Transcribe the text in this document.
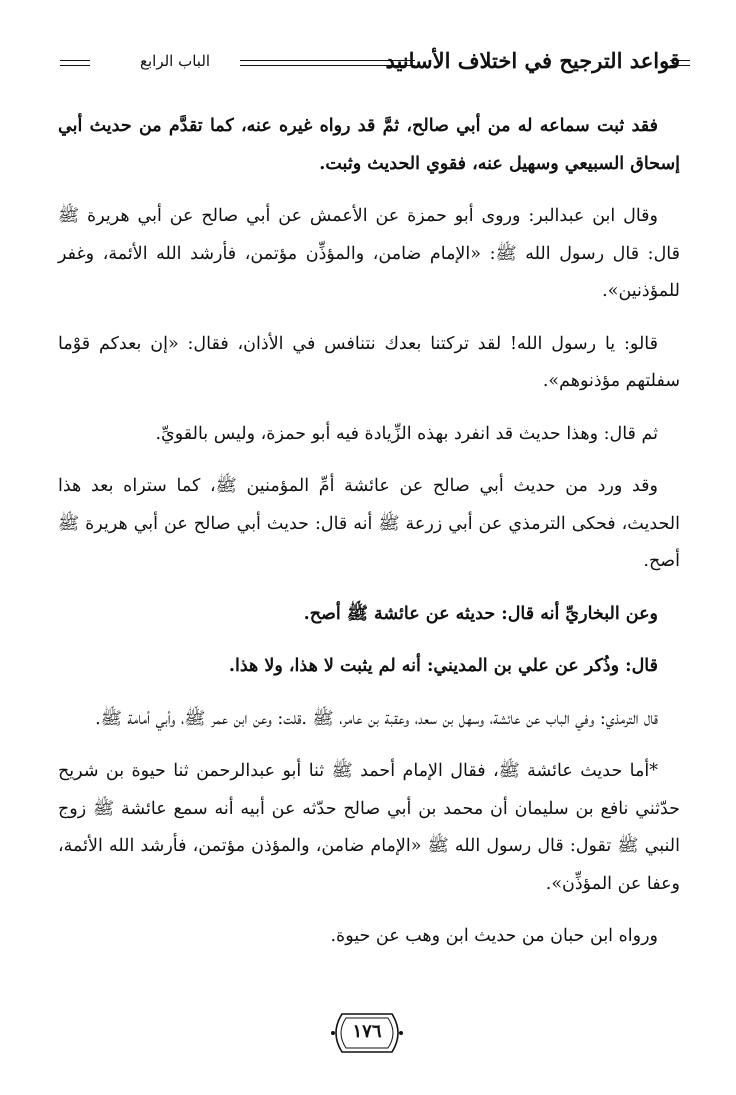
قواعد الترجيح في اختلاف الأسانيد
الباب الرابع

فقد ثبت سماعه له من أبي صالح، ثمَّ قد رواه غيره عنه، كما تقدَّم من حديث أبي إسحاق السبيعي وسهيل عنه، فقوي الحديث وثبت.

وقال ابن عبدالبر: وروى أبو حمزة عن الأعمش عن أبي صالح عن أبي هريرة ﷺ قال: قال رسول الله ﷺ: «الإمام ضامن، والمؤذِّن مؤتمن، فأرشد الله الأئمة، وغفر للمؤذنين».

قالو: يا رسول الله! لقد تركتنا بعدك نتنافس في الأذان، فقال: «إن بعدكم قوْما سفلتهم مؤذنوهم».

ثم قال: وهذا حديث قد انفرد بهذه الزِّيادة فيه أبو حمزة، وليس بالقويِّ.

وقد ورد من حديث أبي صالح عن عائشة أمِّ المؤمنين ﷺ، كما ستراه بعد هذا الحديث، فحكى الترمذي عن أبي زرعة ﷺ أنه قال: حديث أبي صالح عن أبي هريرة ﷺ أصح.

وعن البخاريِّ أنه قال: حديثه عن عائشة ﷺ أصح.

قال: وذُكر عن علي بن المديني: أنه لم يثبت لا هذا، ولا هذا.

قال الترمذي: وفي الباب عن عائشة، وسهل بن سعد، وعقبة بن عامر، ﷺ .قلت: وعن ابن عمر ﷺ، وأبي أمامة ﷺ.

*أما حديث عائشة ﷺ، فقال الإمام أحمد ﷺ ثنا أبو عبدالرحمن ثنا حيوة بن شريح حدّثني نافع بن سليمان أن محمد بن أبي صالح حدّثه عن أبيه أنه سمع عائشة ﷺ زوج النبي ﷺ تقول: قال رسول الله ﷺ «الإمام ضامن، والمؤذن مؤتمن، فأرشد الله الأئمة، وعفا عن المؤذِّن».

ورواه ابن حبان من حديث ابن وهب عن حيوة.

١٧٦
